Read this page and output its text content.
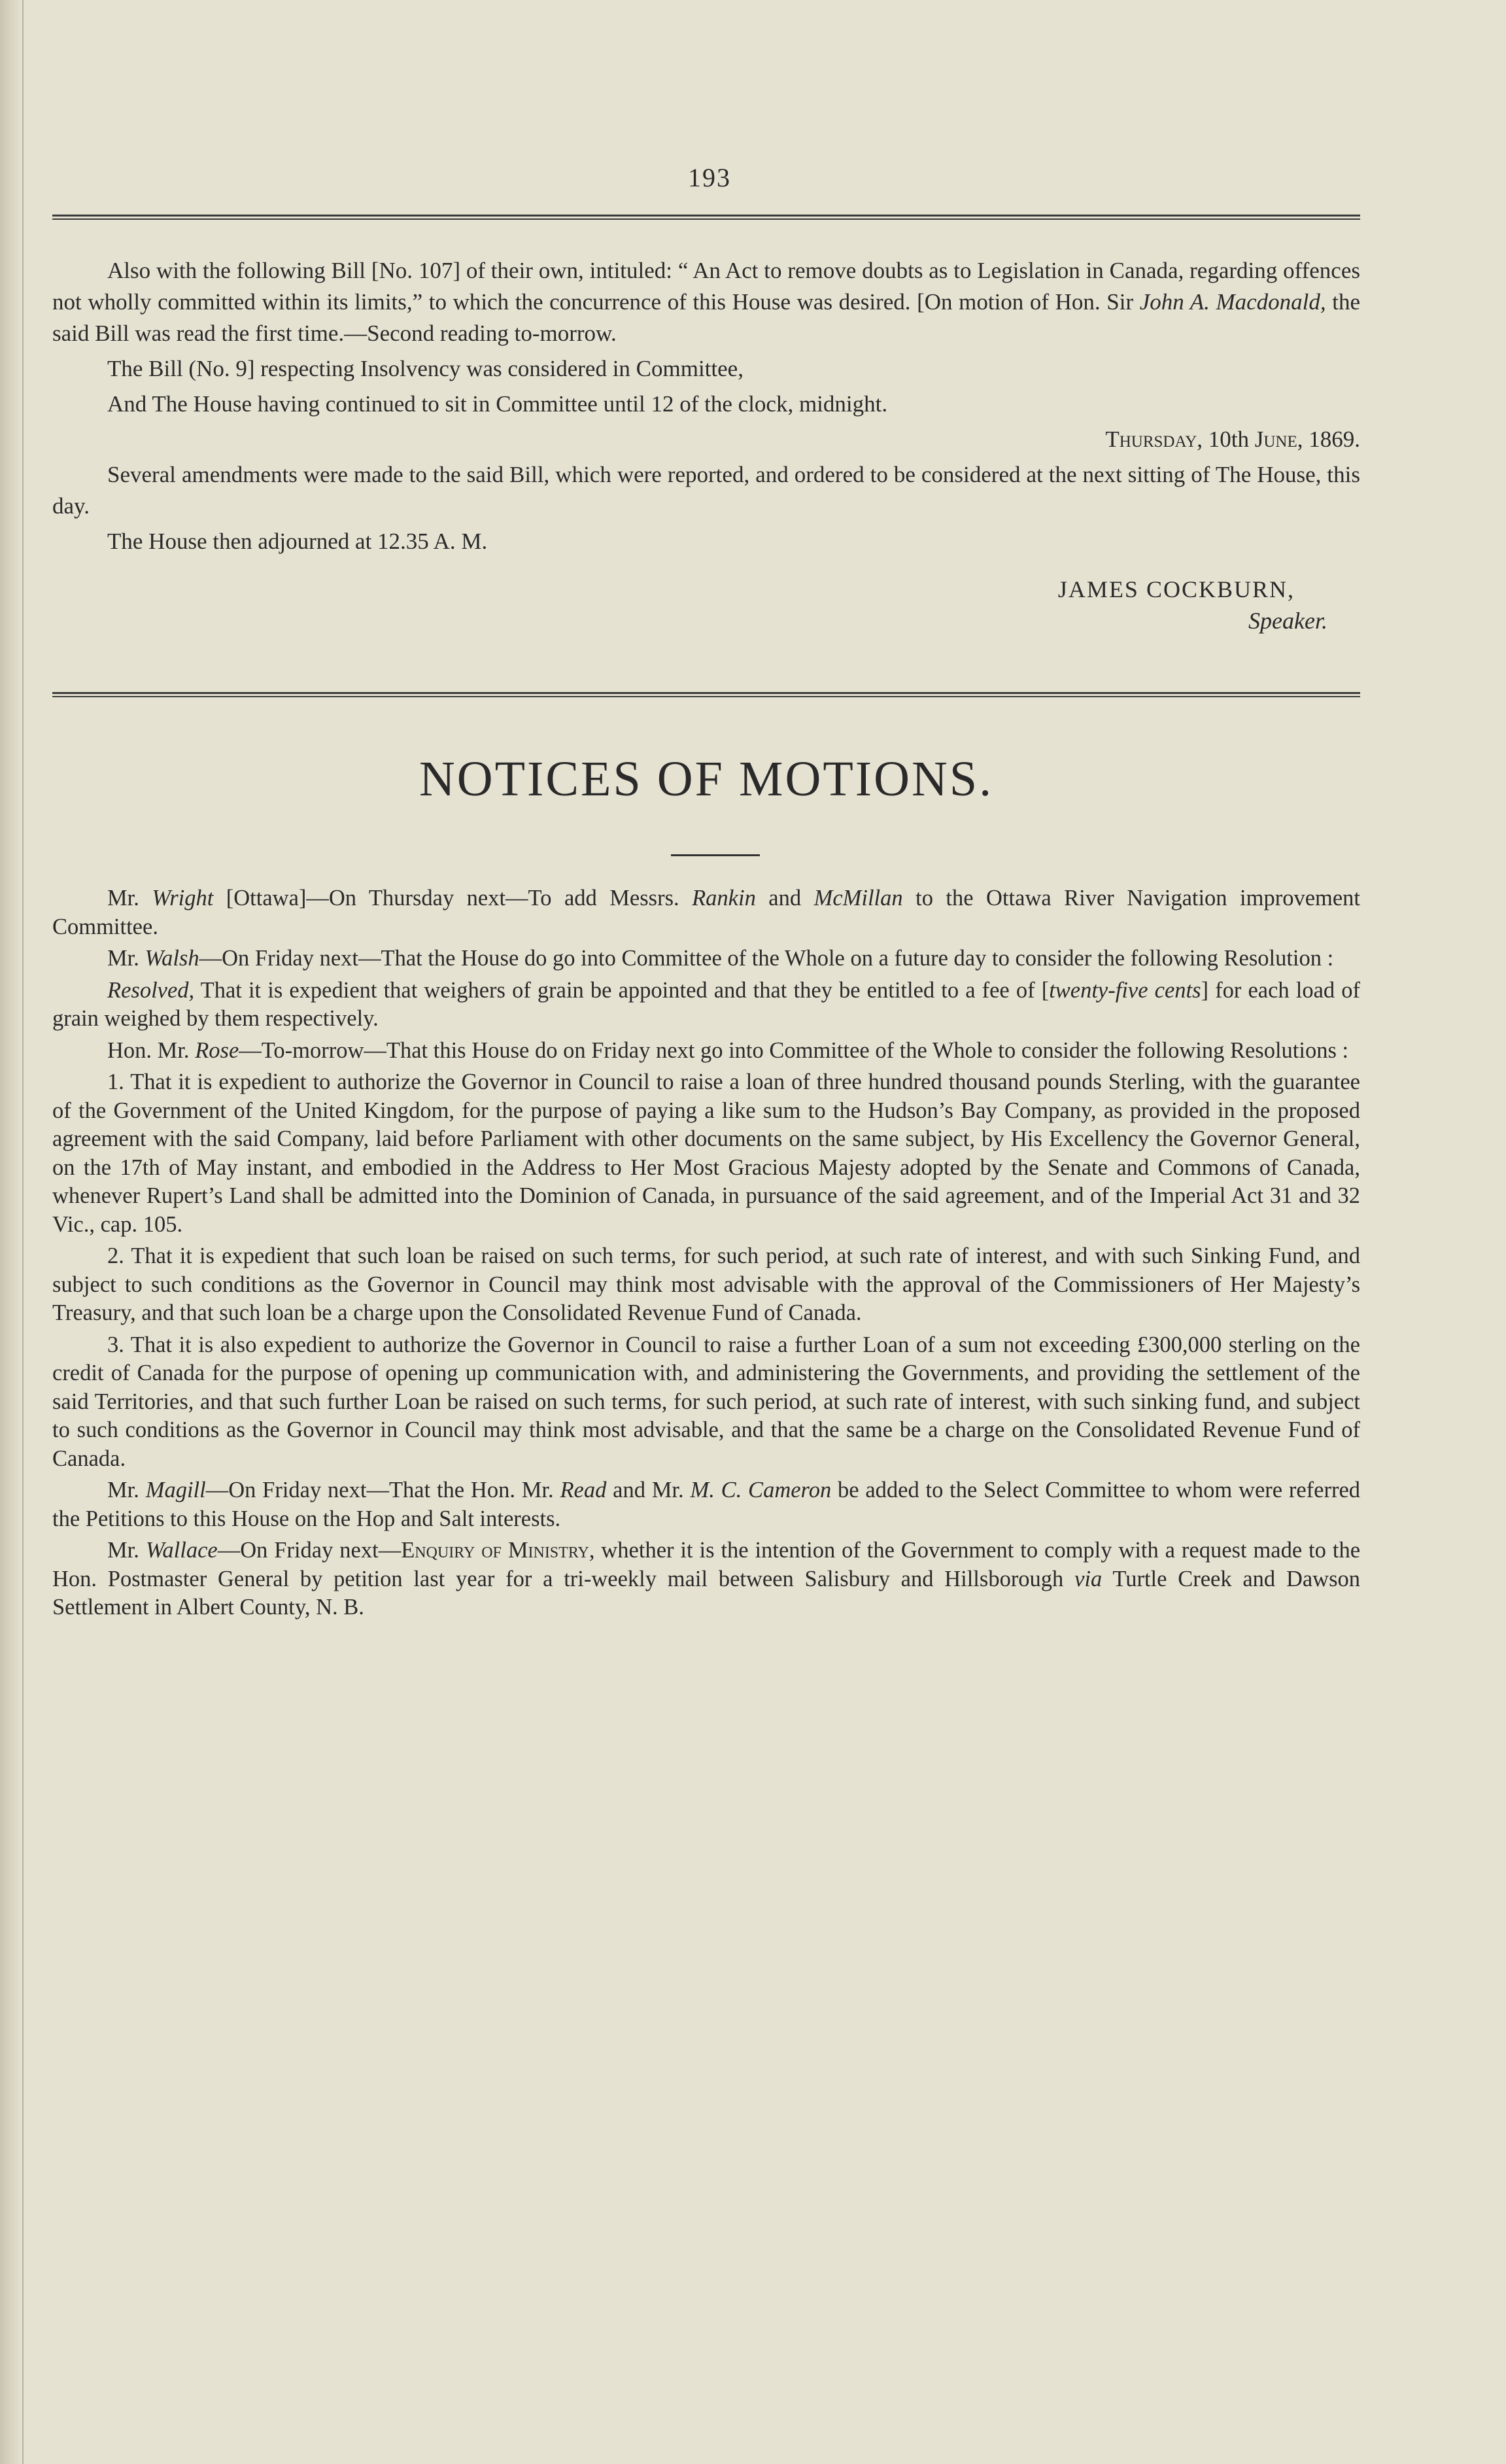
193

Also with the following Bill [No. 107] of their own, intituled: “ An Act to remove doubts as to Legislation in Canada, regarding offences not wholly committed within its limits,” to which the concurrence of this House was desired. [On motion of Hon. Sir John A. Macdonald, the said Bill was read the first time.—Second reading to-morrow.

The Bill (No. 9] respecting Insolvency was considered in Committee,

And The House having continued to sit in Committee until 12 of the clock, midnight.

Thursday, 10th June, 1869.

Several amendments were made to the said Bill, which were reported, and ordered to be considered at the next sitting of The House, this day.

The House then adjourned at 12.35 A. M.

JAMES COCKBURN,
Speaker.
NOTICES OF MOTIONS.

Mr. Wright [Ottawa]—On Thursday next—To add Messrs. Rankin and McMillan to the Ottawa River Navigation improvement Committee.

Mr. Walsh—On Friday next—That the House do go into Committee of the Whole on a future day to consider the following Resolution :

Resolved, That it is expedient that weighers of grain be appointed and that they be entitled to a fee of [twenty-five cents] for each load of grain weighed by them respectively.

Hon. Mr. Rose—To-morrow—That this House do on Friday next go into Committee of the Whole to consider the following Resolutions :

1. That it is expedient to authorize the Governor in Council to raise a loan of three hundred thousand pounds Sterling, with the guarantee of the Government of the United Kingdom, for the purpose of paying a like sum to the Hudson’s Bay Company, as provided in the proposed agreement with the said Company, laid before Parliament with other documents on the same subject, by His Excellency the Governor General, on the 17th of May instant, and embodied in the Address to Her Most Gracious Majesty adopted by the Senate and Commons of Canada, whenever Rupert’s Land shall be admitted into the Dominion of Canada, in pursuance of the said agreement, and of the Imperial Act 31 and 32 Vic., cap. 105.

2. That it is expedient that such loan be raised on such terms, for such period, at such rate of interest, and with such Sinking Fund, and subject to such conditions as the Governor in Council may think most advisable with the approval of the Commissioners of Her Majesty’s Treasury, and that such loan be a charge upon the Consolidated Revenue Fund of Canada.

3. That it is also expedient to authorize the Governor in Council to raise a further Loan of a sum not exceeding £300,000 sterling on the credit of Canada for the purpose of opening up communication with, and administering the Governments, and providing the settlement of the said Territories, and that such further Loan be raised on such terms, for such period, at such rate of interest, with such sinking fund, and subject to such conditions as the Governor in Council may think most advisable, and that the same be a charge on the Consolidated Revenue Fund of Canada.

Mr. Magill—On Friday next—That the Hon. Mr. Read and Mr. M. C. Cameron be added to the Select Committee to whom were referred the Petitions to this House on the Hop and Salt interests.

Mr. Wallace—On Friday next—Enquiry of Ministry, whether it is the intention of the Government to comply with a request made to the Hon. Postmaster General by petition last year for a tri-weekly mail between Salisbury and Hillsborough via Turtle Creek and Dawson Settlement in Albert County, N. B.
